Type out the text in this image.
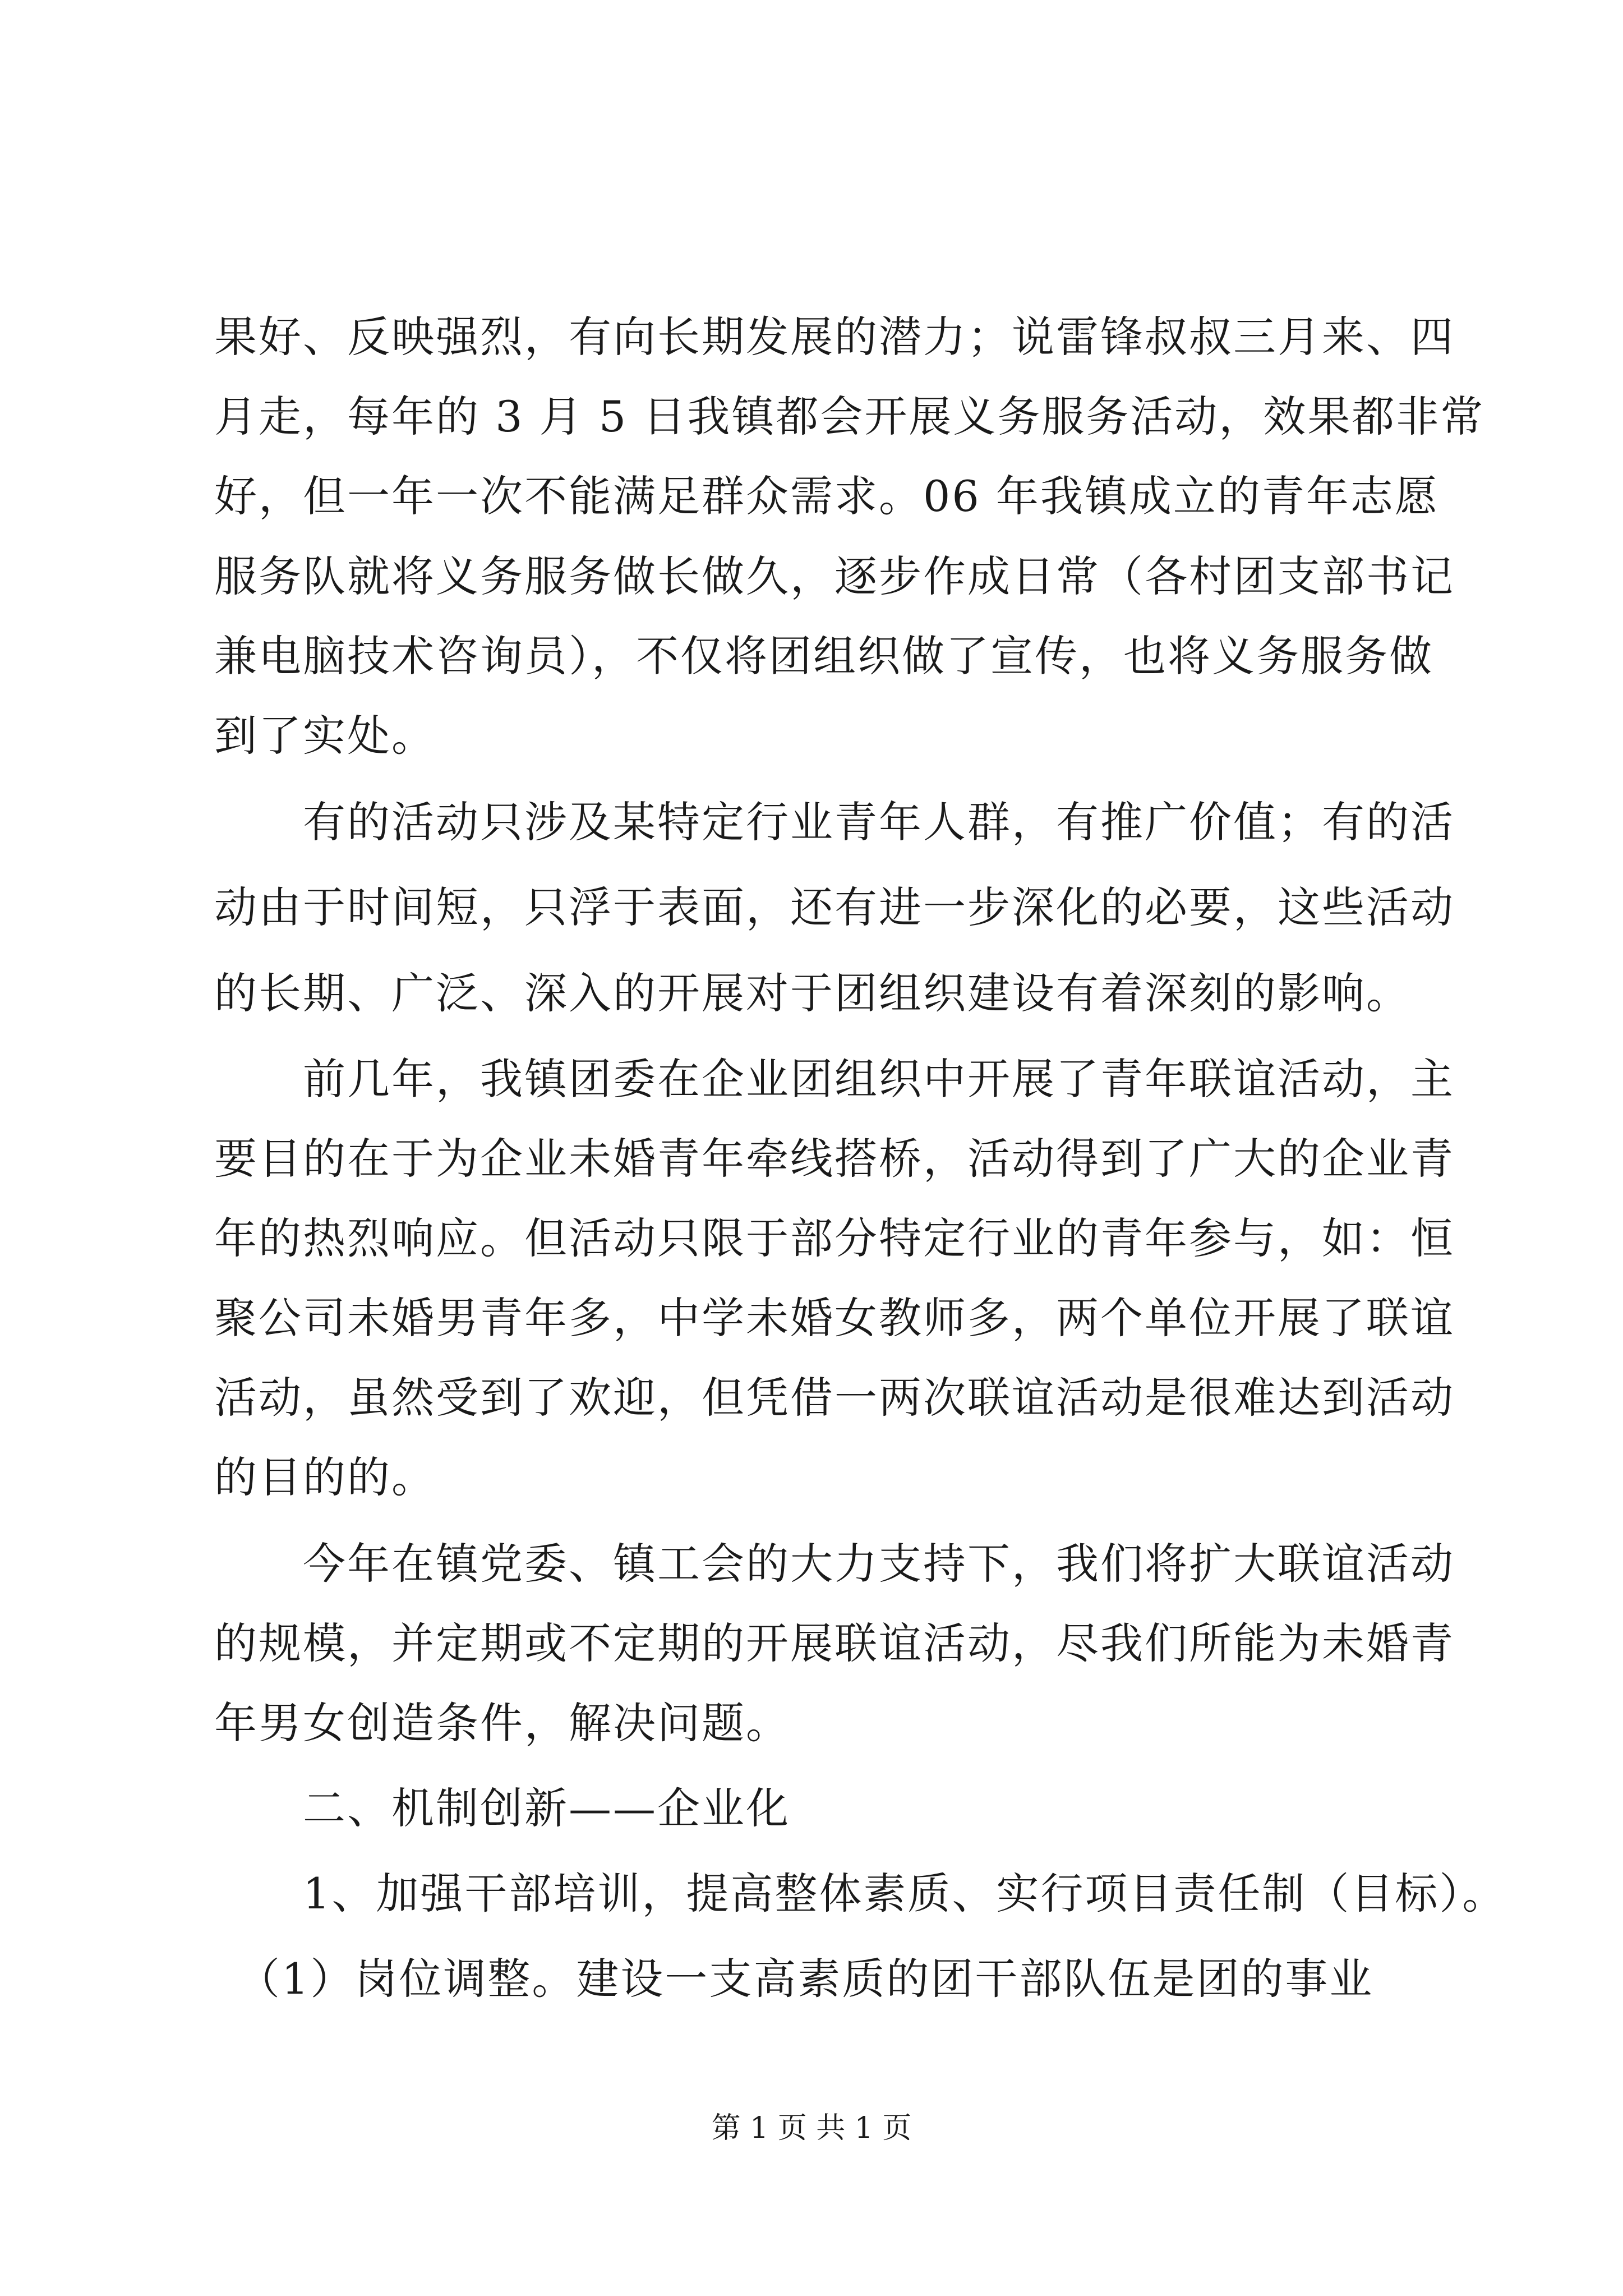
果好、反映强烈，有向长期发展的潜力；说雷锋叔叔三月来、四
月走，每年的 3 月 5 日我镇都会开展义务服务活动，效果都非常
好，但一年一次不能满足群众需求。06 年我镇成立的青年志愿
服务队就将义务服务做长做久，逐步作成日常（各村团支部书记
兼电脑技术咨询员），不仅将团组织做了宣传，也将义务服务做
到了实处。
　　有的活动只涉及某特定行业青年人群，有推广价值；有的活
动由于时间短，只浮于表面，还有进一步深化的必要，这些活动
的长期、广泛、深入的开展对于团组织建设有着深刻的影响。
　　前几年，我镇团委在企业团组织中开展了青年联谊活动，主
要目的在于为企业未婚青年牵线搭桥，活动得到了广大的企业青
年的热烈响应。但活动只限于部分特定行业的青年参与，如：恒
聚公司未婚男青年多，中学未婚女教师多，两个单位开展了联谊
活动，虽然受到了欢迎，但凭借一两次联谊活动是很难达到活动
的目的的。
　　今年在镇党委、镇工会的大力支持下，我们将扩大联谊活动
的规模，并定期或不定期的开展联谊活动，尽我们所能为未婚青
年男女创造条件，解决问题。
　　二、机制创新——企业化
　　1、加强干部培训，提高整体素质、实行项目责任制（目标）。
　（1）岗位调整。建设一支高素质的团干部队伍是团的事业
第 1 页 共 1 页
